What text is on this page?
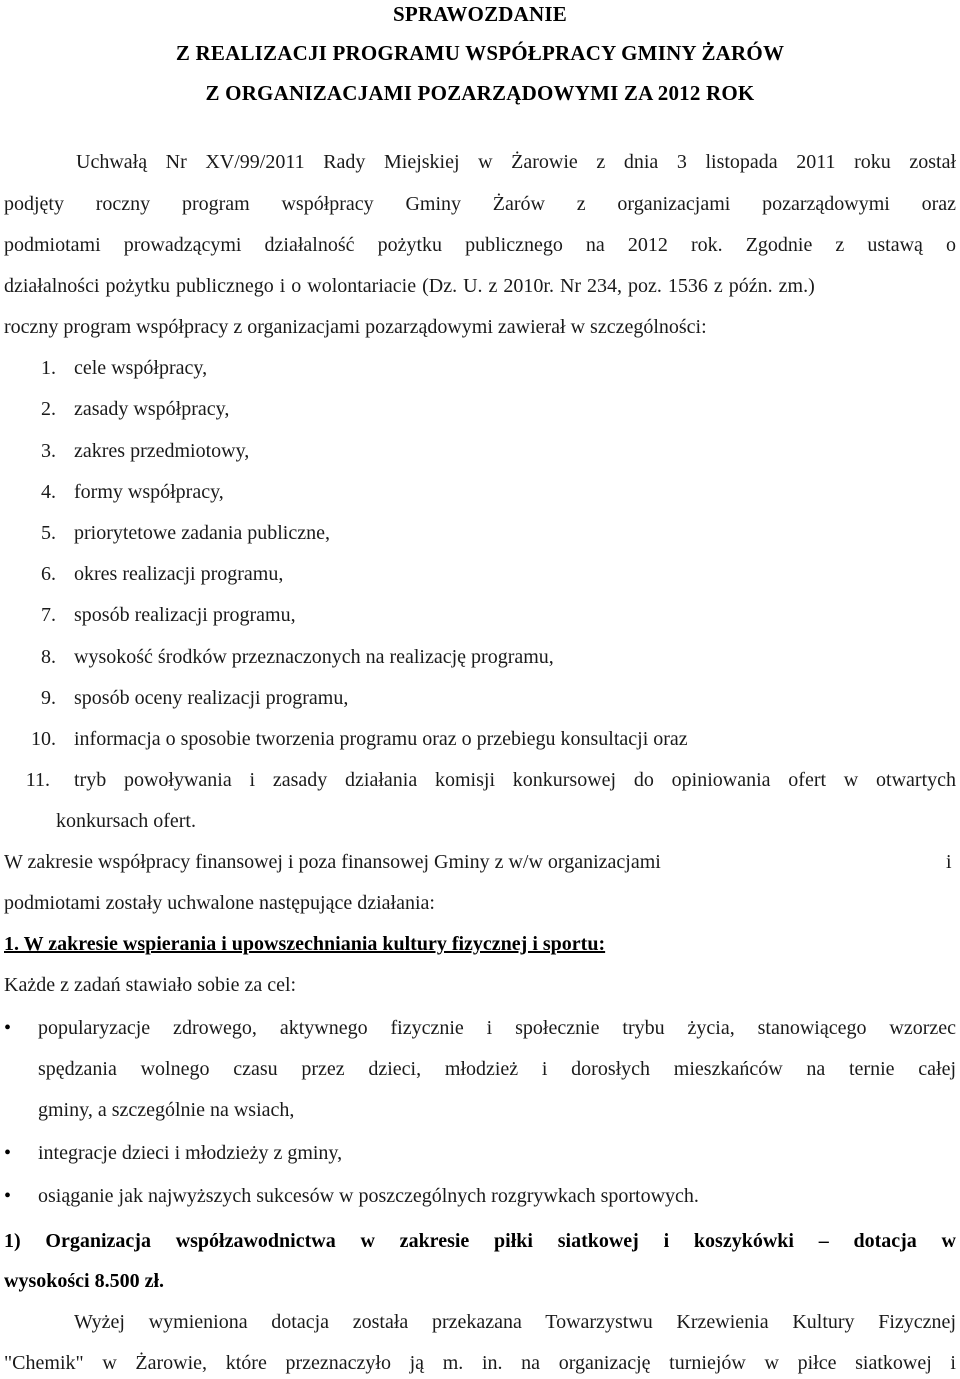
SPRAWOZDANIE
Z REALIZACJI PROGRAMU WSPÓŁPRACY GMINY ŻARÓW
Z ORGANIZACJAMI POZARZĄDOWYMI ZA 2012 ROK
Uchwałą Nr XV/99/2011 Rady Miejskiej w Żarowie z dnia 3 listopada 2011 roku został
podjęty roczny program współpracy Gminy Żarów z organizacjami pozarządowymi oraz
podmiotami prowadzącymi działalność pożytku publicznego na 2012 rok. Zgodnie z ustawą o
działalności pożytku publicznego i o wolontariacie (Dz. U. z 2010r. Nr 234, poz. 1536 z późn. zm.)
roczny program współpracy z organizacjami pozarządowymi zawierał w szczególności:
1. cele współpracy,
2. zasady współpracy,
3. zakres przedmiotowy,
4. formy współpracy,
5. priorytetowe zadania publiczne,
6. okres realizacji programu,
7. sposób realizacji programu,
8. wysokość środków przeznaczonych na realizację programu,
9. sposób oceny realizacji programu,
10. informacja o sposobie tworzenia programu oraz o przebiegu konsultacji oraz
11. tryb powoływania i zasady działania komisji konkursowej do opiniowania ofert w otwartych
konkursach ofert.
W zakresie współpracy finansowej i poza finansowej Gminy z w/w organizacjami	i
podmiotami zostały uchwalone następujące działania:
1. W zakresie wspierania i upowszechniania kultury fizycznej i sportu:
Każde z zadań stawiało sobie za cel:
• popularyzacje zdrowego, aktywnego fizycznie i społecznie trybu życia, stanowiącego wzorzec
spędzania wolnego czasu przez dzieci, młodzież i dorosłych mieszkańców na ternie całej
gminy, a szczególnie na wsiach,
• integracje dzieci i młodzieży z gminy,
• osiąganie jak najwyższych sukcesów w poszczególnych rozgrywkach sportowych.
1) Organizacja współzawodnictwa w zakresie piłki siatkowej i koszykówki – dotacja w
wysokości 8.500 zł.
Wyżej wymieniona dotacja została przekazana Towarzystwu Krzewienia Kultury Fizycznej
"Chemik" w Żarowie, które przeznaczyło ją m. in. na organizację turniejów w piłce siatkowej i
